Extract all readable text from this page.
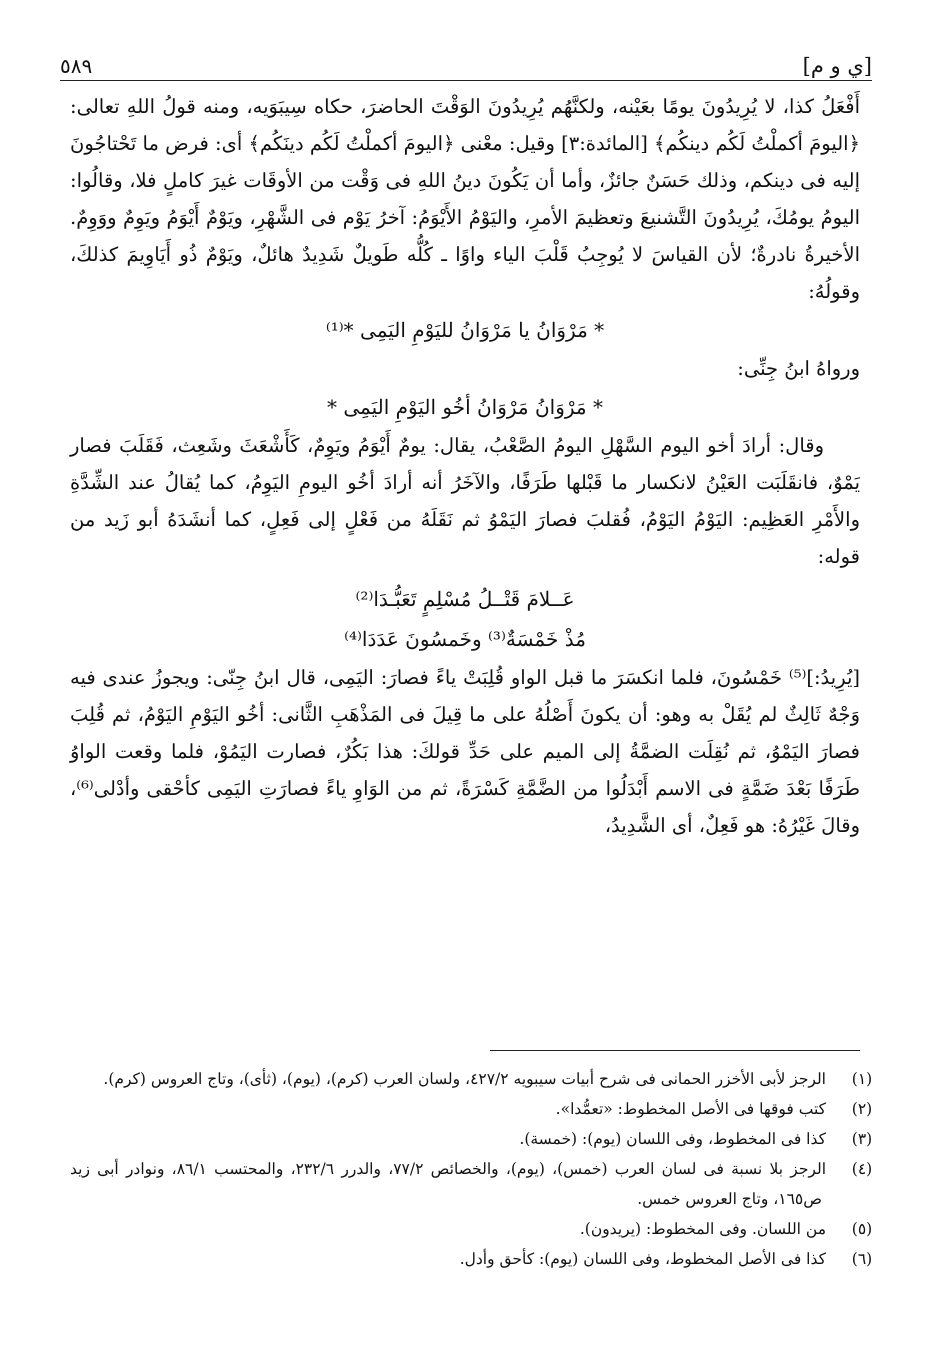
٥٨٩	[ي و م]

أَفْعَلُ كذا، لا يُرِيدُونَ يومًا بعَيْنه، ولكنَّهُم يُرِيدُونَ الوَقْتَ الحاضرَ، حكاه سِيبَوَيه، ومنه قولُ اللهِ تعالى: ﴿اليومَ أكملْتُ لَكُم دينكُم﴾ [المائدة:٣] وقيل: معْنى ﴿اليومَ أكملْتُ لَكُم دينَكُم﴾ أى: فرض ما تَحْتاجُونَ إليه فى دينكم، وذلك حَسَنٌ جائزٌ، وأما أن يَكُونَ دينُ اللهِ فى وَقْت من الأوقَات غيرَ كاملٍ فلا، وقالُوا: اليومُ يومُكَ، يُرِيدُونَ التَّشنيعَ وتعظيمَ الأمرِ، واليَوْمُ الأَيْوَمُ: آخرُ يَوْم فى الشَّهْرِ، ويَوْمٌ أَيْوَمُ ويَوِمٌ ووَوِمٌ. الأخيرةُ نادرةٌ؛ لأن القياسَ لا يُوجِبُ قَلْبَ الياء واوًا ـ كُلُّه طَويلٌ شَدِيدٌ هائلٌ، ويَوْمٌ ذُو أَيَاوِيمَ كذلكَ، وقولُهُ:

* مَرْوَانُ يا مَرْوَانُ لليَوْمِ اليَمِى *⁽¹⁾

ورواهُ ابنُ جِنِّى:

* مَرْوَانُ مَرْوَانُ أخُو اليَوْمِ اليَمِى *

وقال: أرادَ أخو اليوم السَّهْلِ اليومُ الصَّعْبُ، يقال: يومٌ أَيْوَمُ ويَوِمٌ، كَأَشْعَثَ وشَعِث، فَقَلَبَ فصار يَمْوٌ، فانقَلَبَت العَيْنُ لانكسار ما قَبْلها طَرَفًا، والآخَرُ أنه أرادَ أخُو اليومِ اليَوِمُ، كما يُقالُ عند الشِّدَّةِ والأَمْرِ العَظِيم: اليَوْمُ اليَوْمُ، فُقلبَ فصارَ اليَمْوُ ثم نَقَلَهُ من فَعْلٍ إلى فَعِلٍ، كما أنشَدَهُ أبو زَيد من قوله:

عَــلامَ قَتْــلُ مُسْلِمٍ تَعَبُّـدَا⁽²⁾

مُذْ خَمْسَةٌ⁽³⁾ وخَمسُونَ عَدَدَا⁽⁴⁾

[يُرِيدُ:]⁽⁵⁾ خَمْسُونَ، فلما انكسَرَ ما قبل الواو قُلِبَتْ ياءً فصارَ: اليَمِى، قال ابنُ جِنّى: ويجوزُ عندى فيه وَجْهٌ ثَالِثٌ لم يُقَلْ به وهو: أن يكونَ أَصْلُهُ على ما قِيلَ فى المَذْهَبِ الثَّانى: أخُو اليَوْمِ اليَوْمُ، ثم قُلِبَ فصارَ اليَمْوُ، ثم نُقِلَت الضمَّةُ إلى الميم على حَدِّ قولكَ: هذا بَكُرٌ، فصارت اليَمُوْ، فلما وقعت الواوُ طَرَفًا بَعْدَ ضَمَّةٍ فى الاسم أَبْدَلُوا من الضَّمَّةِ كَسْرَةً، ثم من الوَاوِ ياءً فصارَتِ اليَمِى كأحْقى وأدْلى⁽⁶⁾، وقالَ غَيْرُهُ: هو فَعِلٌ، أى الشَّدِيدُ،

(١)الرجز لأبى الأخزر الحمانى فى شرح أبيات سيبويه ٤٢٧/٢، ولسان العرب (كرم)، (يوم)، (ثأى)، وتاج العروس (كرم).

(٢)كتب فوقها فى الأصل المخطوط: «تعمُّدا».

(٣)كذا فى المخطوط، وفى اللسان (يوم): (خمسة).

(٤)الرجز بلا نسبة فى لسان العرب (خمس)، (يوم)، والخصائص ٧٧/٢، والدرر ٢٣٢/٦، والمحتسب ٨٦/١، ونوادر أبى زيد ص١٦٥، وتاج العروس خمس.

(٥)من اللسان. وفى المخطوط: (يريدون).

(٦)كذا فى الأصل المخطوط، وفى اللسان (يوم): كأحق وأدل.
